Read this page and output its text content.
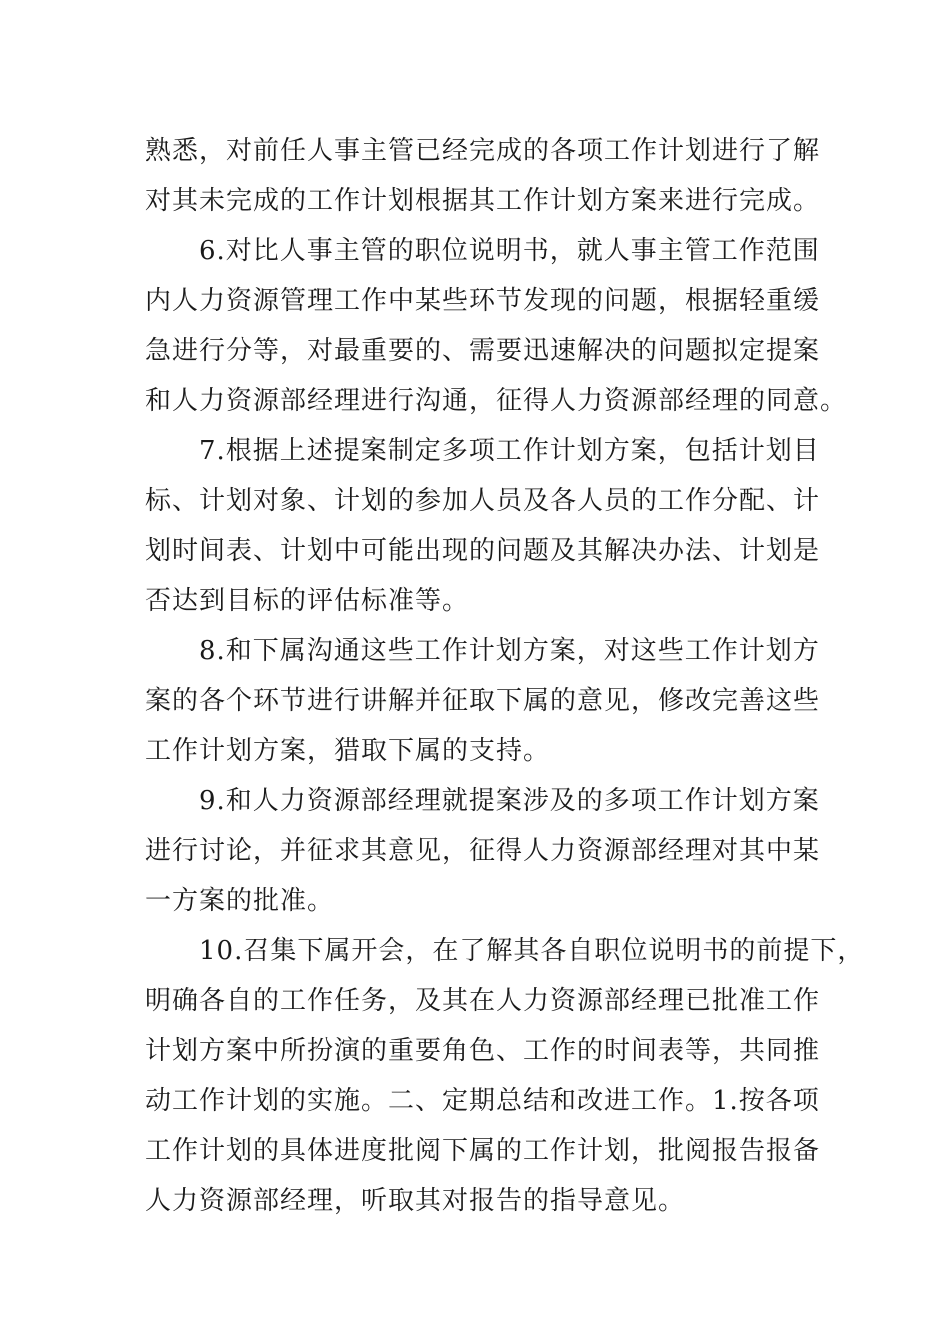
熟悉，对前任人事主管已经完成的各项工作计划进行了解
对其未完成的工作计划根据其工作计划方案来进行完成。
6.对比人事主管的职位说明书，就人事主管工作范围
内人力资源管理工作中某些环节发现的问题，根据轻重缓
急进行分等，对最重要的、需要迅速解决的问题拟定提案
和人力资源部经理进行沟通，征得人力资源部经理的同意。
7.根据上述提案制定多项工作计划方案，包括计划目
标、计划对象、计划的参加人员及各人员的工作分配、计
划时间表、计划中可能出现的问题及其解决办法、计划是
否达到目标的评估标准等。
8.和下属沟通这些工作计划方案，对这些工作计划方
案的各个环节进行讲解并征取下属的意见，修改完善这些
工作计划方案，猎取下属的支持。
9.和人力资源部经理就提案涉及的多项工作计划方案
进行讨论，并征求其意见，征得人力资源部经理对其中某
一方案的批准。
10.召集下属开会，在了解其各自职位说明书的前提下，
明确各自的工作任务，及其在人力资源部经理已批准工作
计划方案中所扮演的重要角色、工作的时间表等，共同推
动工作计划的实施。二、定期总结和改进工作。1.按各项
工作计划的具体进度批阅下属的工作计划，批阅报告报备
人力资源部经理，听取其对报告的指导意见。
